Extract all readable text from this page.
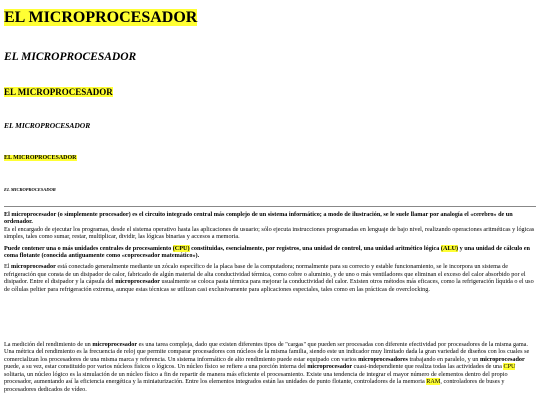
EL MICROPROCESADOR
EL MICROPROCESADOR
EL MICROPROCESADOR
EL MICROPROCESADOR
EL MICROPROCESADOR
EL MICROPROCESADOR

El microprocesador (o simplemente procesador) es el circuito integrado central más complejo de un sistema informático; a modo de ilustración, se le suele llamar por analogía el «cerebro» de un ordenador.
Es el encargado de ejecutar los programas, desde el sistema operativo hasta las aplicaciones de usuario; sólo ejecuta instrucciones programadas en lenguaje de bajo nivel, realizando operaciones aritméticas y lógicas simples, tales como sumar, restar, multiplicar, dividir, las lógicas binarias y accesos a memoria.

Puede contener una o más unidades centrales de procesamiento (CPU) constituidas, esencialmente, por registros, una unidad de control, una unidad aritmético lógica (ALU) y una unidad de cálculo en coma flotante (conocida antiguamente como «coprocesador matemático»).

El microprocesador está conectado generalmente mediante un zócalo específico de la placa base de la computadora; normalmente para su correcto y estable funcionamiento, se le incorpora un sistema de refrigeración que consta de un disipador de calor, fabricado de algún material de alta conductividad térmica, como cobre o aluminio, y de uno o más ventiladores que eliminan el exceso del calor absorbido por el disipador. Entre el disipador y la cápsula del microprocesador usualmente se coloca pasta térmica para mejorar la conductividad del calor. Existen otros métodos más eficaces, como la refrigeración líquida o el uso de células peltier para refrigeración extrema, aunque estas técnicas se utilizan casi exclusivamente para aplicaciones especiales, tales como en las prácticas de overclocking.

La medición del rendimiento de un microprocesador es una tarea compleja, dado que existen diferentes tipos de "cargas" que pueden ser procesadas con diferente efectividad por procesadores de la misma gama. Una métrica del rendimiento es la frecuencia de reloj que permite comparar procesadores con núcleos de la misma familia, siendo este un indicador muy limitado dada la gran variedad de diseños con los cuales se comercializan los procesadores de una misma marca y referencia. Un sistema informático de alto rendimiento puede estar equipado con varios microprocesadores trabajando en paralelo, y un microprocesador puede, a su vez, estar constituido por varios núcleos físicos o lógicos. Un núcleo físico se refiere a una porción interna del microprocesador cuasi-independiente que realiza todas las actividades de una CPU solitaria, un núcleo lógico es la simulación de un núcleo físico a fin de repartir de manera más eficiente el procesamiento. Existe una tendencia de integrar el mayor número de elementos dentro del propio procesador, aumentando así la eficiencia energética y la miniaturización. Entre los elementos integrados están las unidades de punto flotante, controladores de la memoria RAM, controladores de buses y procesadores dedicados de vídeo.
